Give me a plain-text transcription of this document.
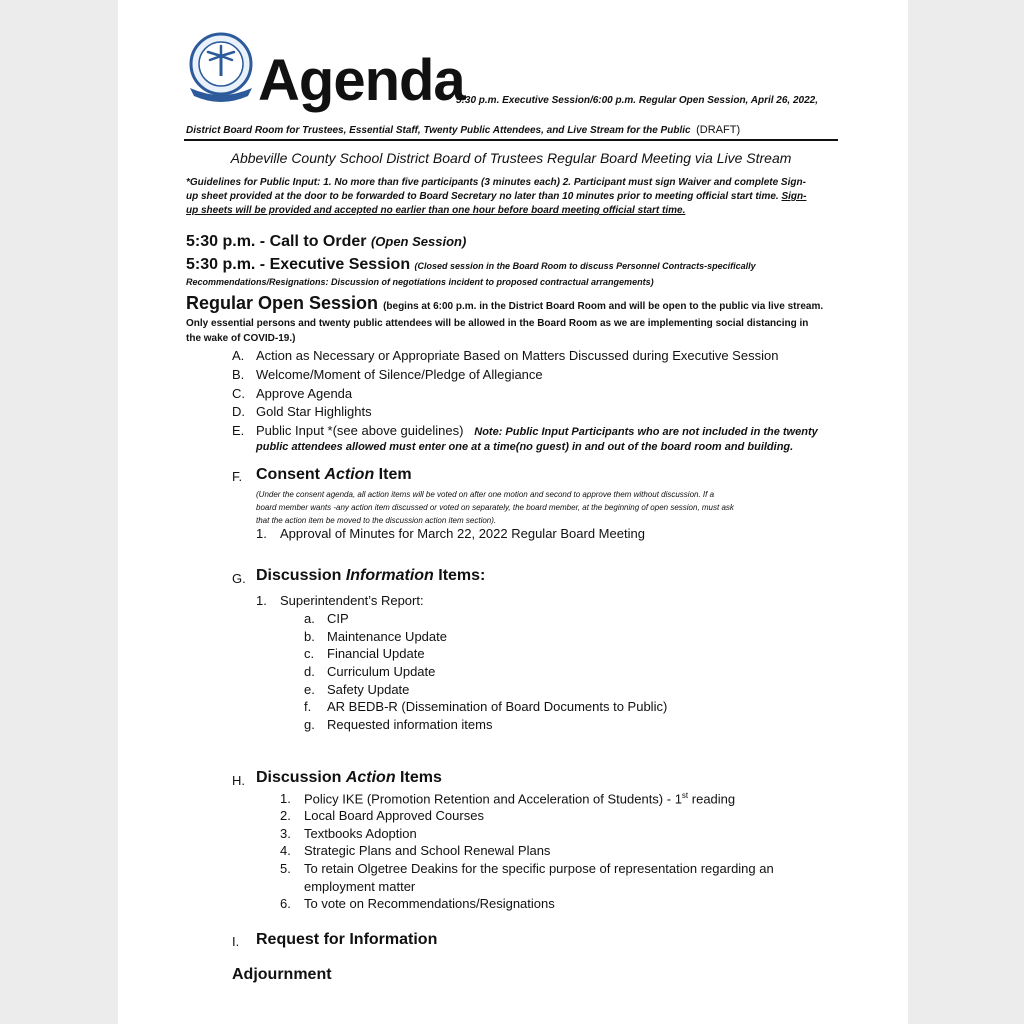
Agenda
5:30 p.m. Executive Session/6:00 p.m. Regular Open Session, April 26, 2022,
District Board Room for Trustees, Essential Staff, Twenty Public Attendees, and Live Stream for the Public (DRAFT)
Abbeville County School District Board of Trustees Regular Board Meeting via Live Stream
*Guidelines for Public Input: 1. No more than five participants (3 minutes each) 2. Participant must sign Waiver and complete Sign-
up sheet provided at the door to be forwarded to Board Secretary no later than 10 minutes prior to meeting official start time. Sign-
up sheets will be provided and accepted no earlier than one hour before board meeting official start time.
5:30 p.m. - Call to Order (Open Session)
5:30 p.m. - Executive Session (Closed session in the Board Room to discuss Personnel Contracts-specifically
Recommendations/Resignations: Discussion of negotiations incident to proposed contractual arrangements)
Regular Open Session (begins at 6:00 p.m. in the District Board Room and will be open to the public via live stream.
Only essential persons and twenty public attendees will be allowed in the Board Room as we are implementing social distancing in
the wake of COVID-19.)
A. Action as Necessary or Appropriate Based on Matters Discussed during Executive Session
B. Welcome/Moment of Silence/Pledge of Allegiance
C. Approve Agenda
D. Gold Star Highlights
E. Public Input *(see above guidelines) Note: Public Input Participants who are not included in the twenty
public attendees allowed must enter one at a time(no guest) in and out of the board room and building.
F. Consent Action Item
(Under the consent agenda, all action items will be voted on after one motion and second to approve them without discussion. If a
board member wants -any action item discussed or voted on separately, the board member, at the beginning of open session, must ask
that the action item be moved to the discussion action item section).
1. Approval of Minutes for March 22, 2022 Regular Board Meeting
G. Discussion Information Items:
1. Superintendent’s Report:
a. CIP
b. Maintenance Update
c. Financial Update
d. Curriculum Update
e. Safety Update
f. AR BEDB-R (Dissemination of Board Documents to Public)
g. Requested information items
H. Discussion Action Items
1. Policy IKE (Promotion Retention and Acceleration of Students) - 1st reading
2. Local Board Approved Courses
3. Textbooks Adoption
4. Strategic Plans and School Renewal Plans
5. To retain Olgetree Deakins for the specific purpose of representation regarding an
employment matter
6. To vote on Recommendations/Resignations
I. Request for Information
Adjournment
